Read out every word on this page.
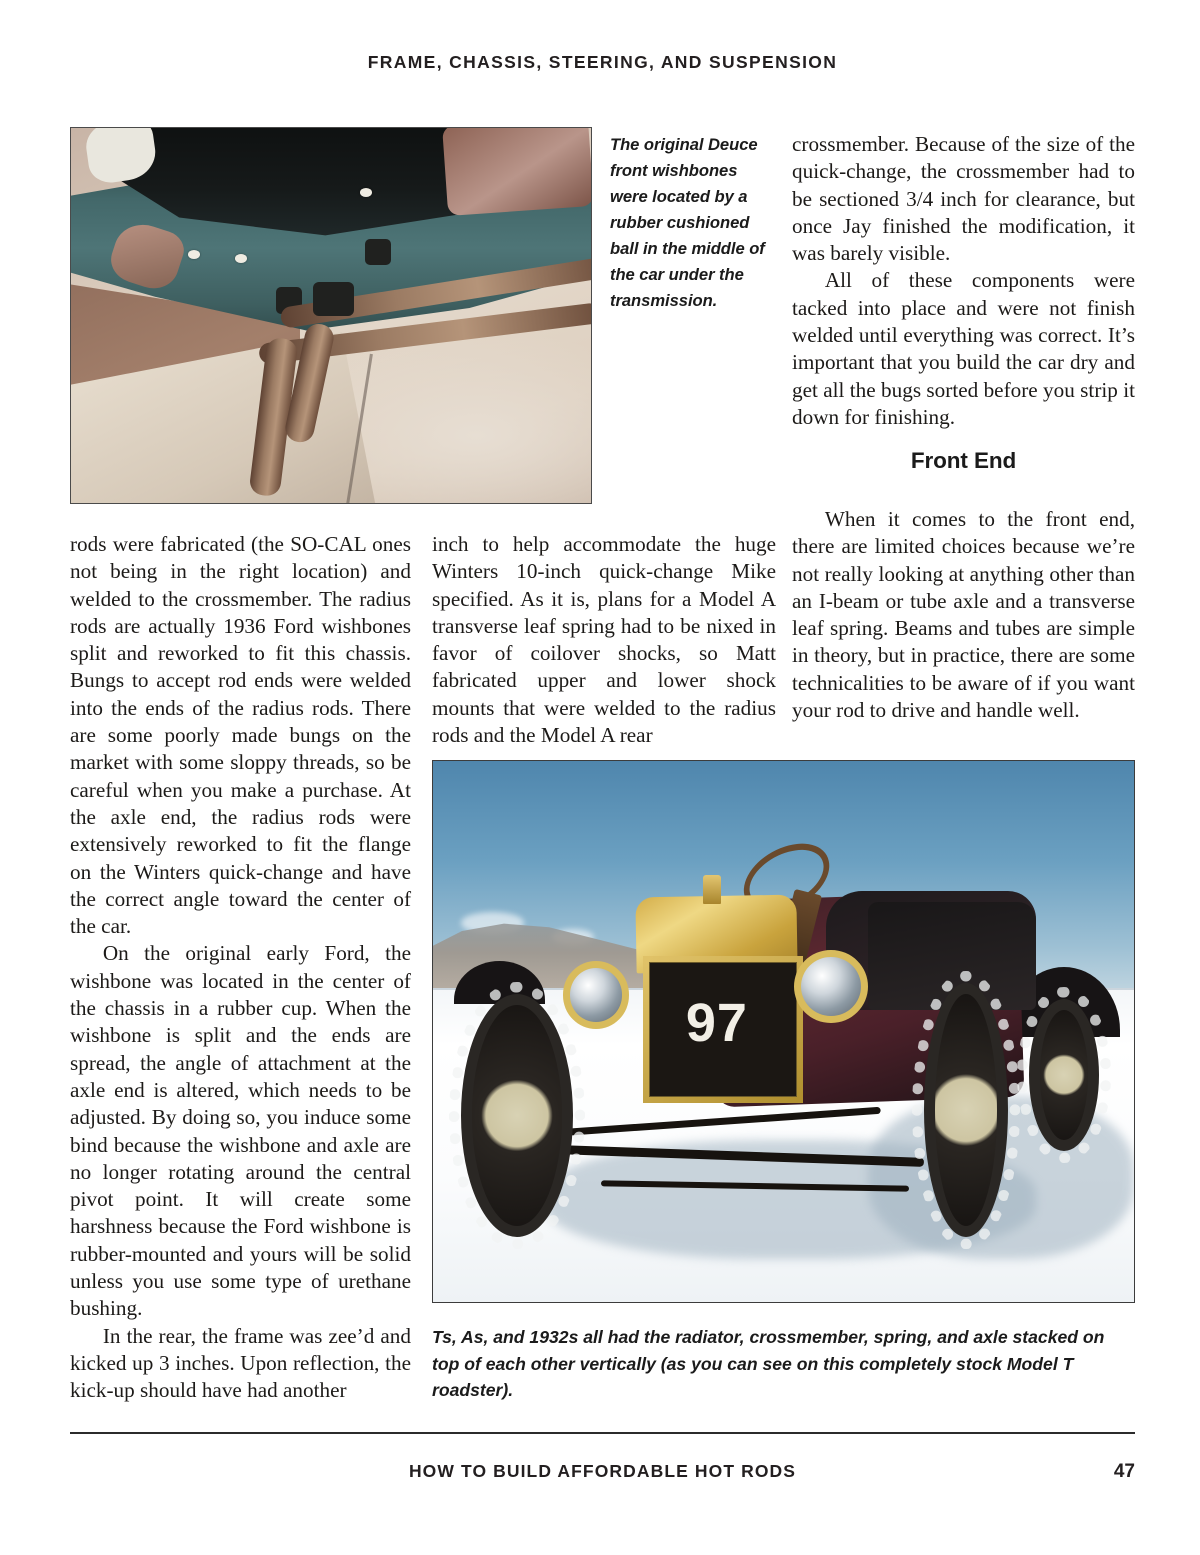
FRAME, CHASSIS, STEERING, AND SUSPENSION
The original Deuce front wishbones were located by a rubber cushioned ball in the middle of the car under the transmission.

crossmember. Because of the size of the quick-change, the crossmember had to be sectioned 3/4 inch for clearance, but once Jay finished the modification, it was barely visible.

All of these components were tacked into place and were not finish welded until everything was correct. It’s important that you build the car dry and get all the bugs sorted before you strip it down for finishing.

Front End

When it comes to the front end, there are limited choices because we’re not really looking at anything other than an I-beam or tube axle and a transverse leaf spring. Beams and tubes are simple in theory, but in practice, there are some technicalities to be aware of if you want your rod to drive and handle well.

rods were fabricated (the SO-CAL ones not being in the right location) and welded to the crossmember. The radius rods are actually 1936 Ford wishbones split and reworked to fit this chassis. Bungs to accept rod ends were welded into the ends of the radius rods. There are some poorly made bungs on the market with some sloppy threads, so be careful when you make a purchase. At the axle end, the radius rods were extensively reworked to fit the flange on the Winters quick-change and have the correct angle toward the center of the car.

On the original early Ford, the wishbone was located in the center of the chassis in a rubber cup. When the wishbone is split and the ends are spread, the angle of attachment at the axle end is altered, which needs to be adjusted. By doing so, you induce some bind because the wishbone and axle are no longer rotating around the central pivot point. It will create some harshness because the Ford wishbone is rubber-mounted and yours will be solid unless you use some type of urethane bushing.

In the rear, the frame was zee’d and kicked up 3 inches. Upon reflection, the kick-up should have had another

inch to help accommodate the huge Winters 10-inch quick-change Mike specified. As it is, plans for a Model A transverse leaf spring had to be nixed in favor of coilover shocks, so Matt fabricated upper and lower shock mounts that were welded to the radius rods and the Model A rear

97
Ts, As, and 1932s all had the radiator, crossmember, spring, and axle stacked on top of each other vertically (as you can see on this completely stock Model T roadster).
HOW TO BUILD AFFORDABLE HOT RODS	47
